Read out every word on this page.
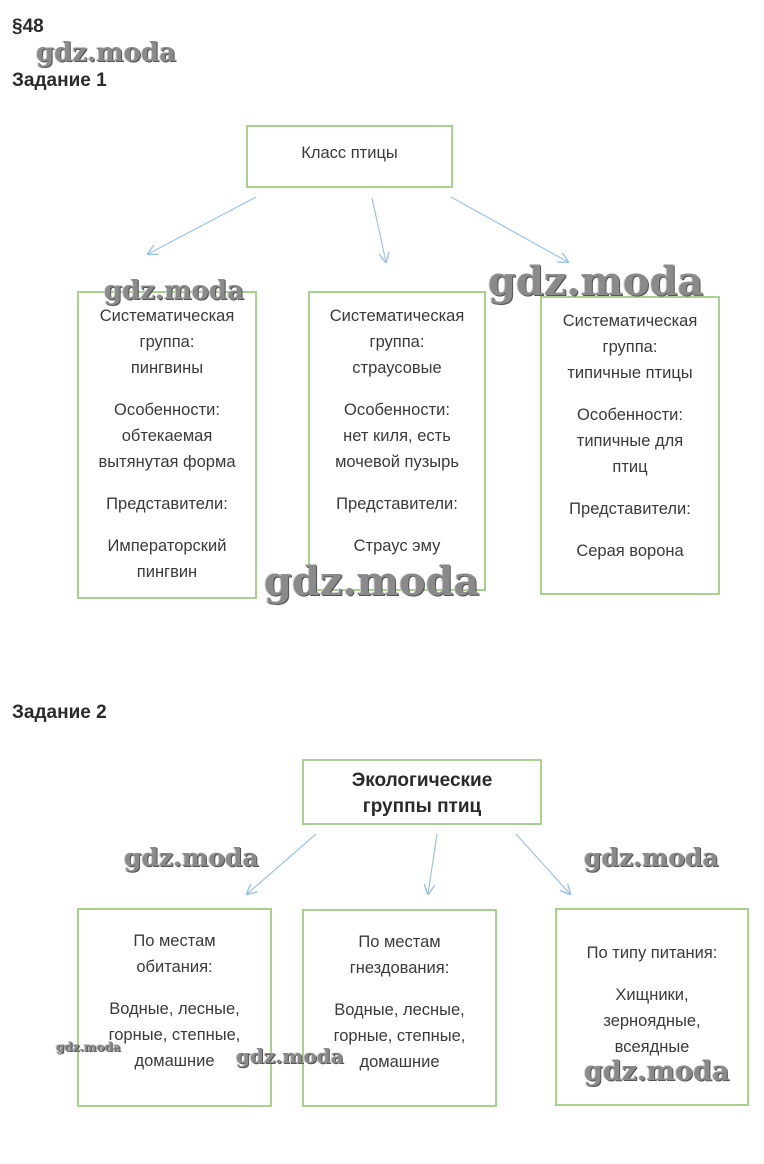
§48
Задание 1
Класс птицы
Систематическая
группа:
пингвины
Особенности:
обтекаемая
вытянутая форма
Представители:
Императорский
пингвин
Систематическая
группа:
страусовые
Особенности:
нет киля, есть
мочевой пузырь
Представители:
Страус эму
Систематическая
группа:
типичные птицы
Особенности:
типичные для
птиц
Представители:
Серая ворона
Задание 2
Экологические
группы птиц
По местам
обитания:
Водные, лесные,
горные, степные,
домашние
По местам
гнездования:
Водные, лесные,
горные, степные,
домашние
По типу питания:
Хищники,
зерноядные,
всеядные
gdz.moda
gdz.moda	gdz.moda
gdz.moda
gdz.moda	gdz.moda
gdz.moda	gdz.moda	gdz.moda
